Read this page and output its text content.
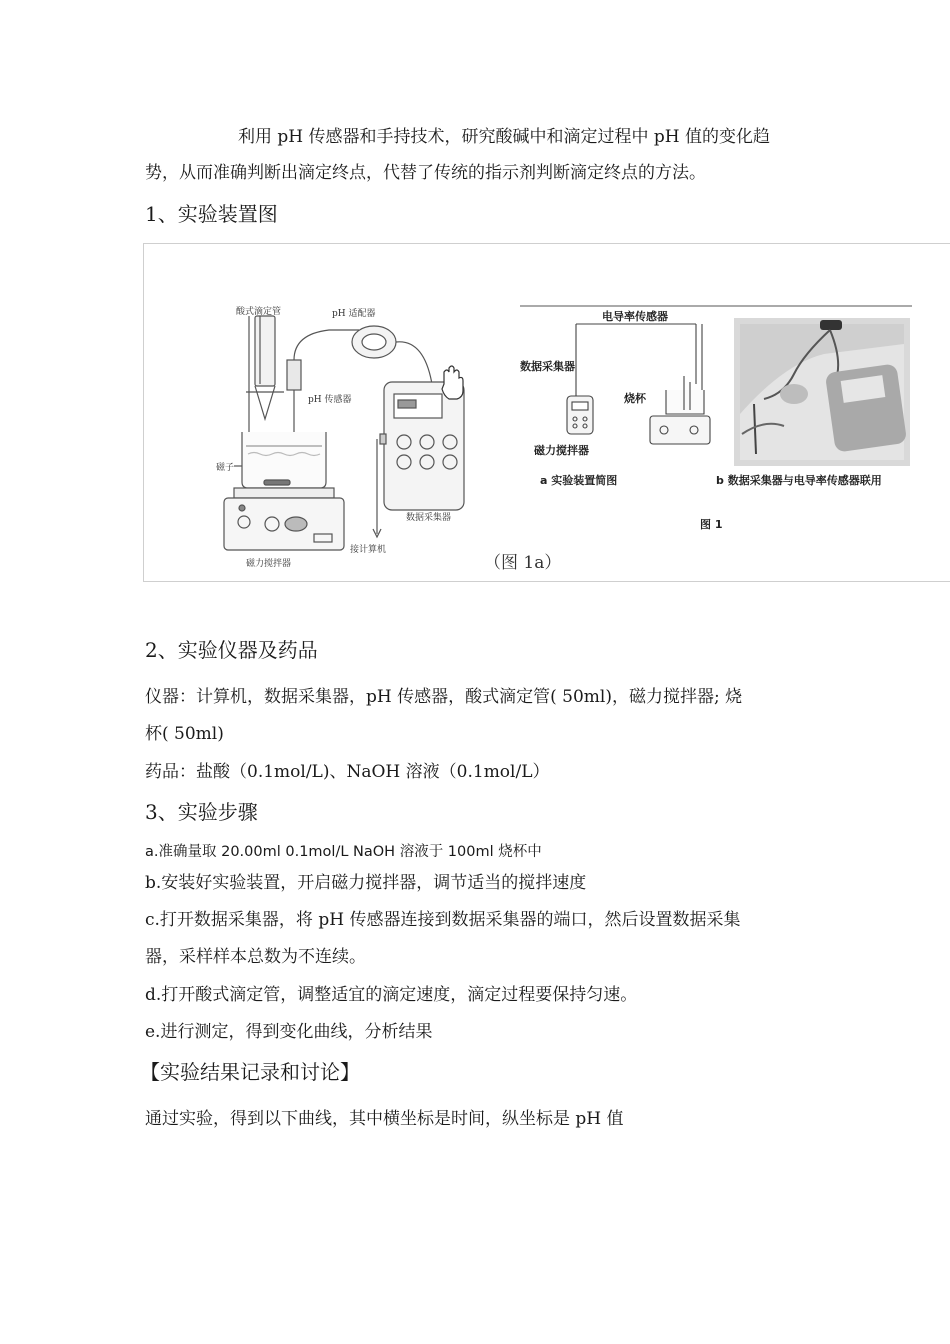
利用 pH 传感器和手持技术，研究酸碱中和滴定过程中 pH 值的变化趋

势，从而准确判断出滴定终点，代替了传统的指示剂判断滴定终点的方法。

1、实验装置图

酸式滴定管	pH 适配器
pH 传感器
磁子
数据采集器
接计算机
磁力搅拌器	（图 1a）
电导率传感器
数据采集器
烧杯
磁力搅拌器
a 实验装置简图
图 1
b 数据采集器与电导率传感器联用

2、实验仪器及药品

仪器：计算机，数据采集器，pH 传感器，酸式滴定管( 50ml)，磁力搅拌器; 烧

杯( 50ml)

药品：盐酸（0.1mol/L)、NaOH 溶液（0.1mol/L）

3、实验步骤

a.准确量取 20.00ml 0.1mol/L NaOH 溶液于 100ml 烧杯中

b.安装好实验装置，开启磁力搅拌器，调节适当的搅拌速度

c.打开数据采集器，将 pH 传感器连接到数据采集器的端口，然后设置数据采集

器，采样样本总数为不连续。

d.打开酸式滴定管，调整适宜的滴定速度，滴定过程要保持匀速。

e.进行测定，得到变化曲线，分析结果

【实验结果记录和讨论】

通过实验，得到以下曲线，其中横坐标是时间，纵坐标是 pH 值
